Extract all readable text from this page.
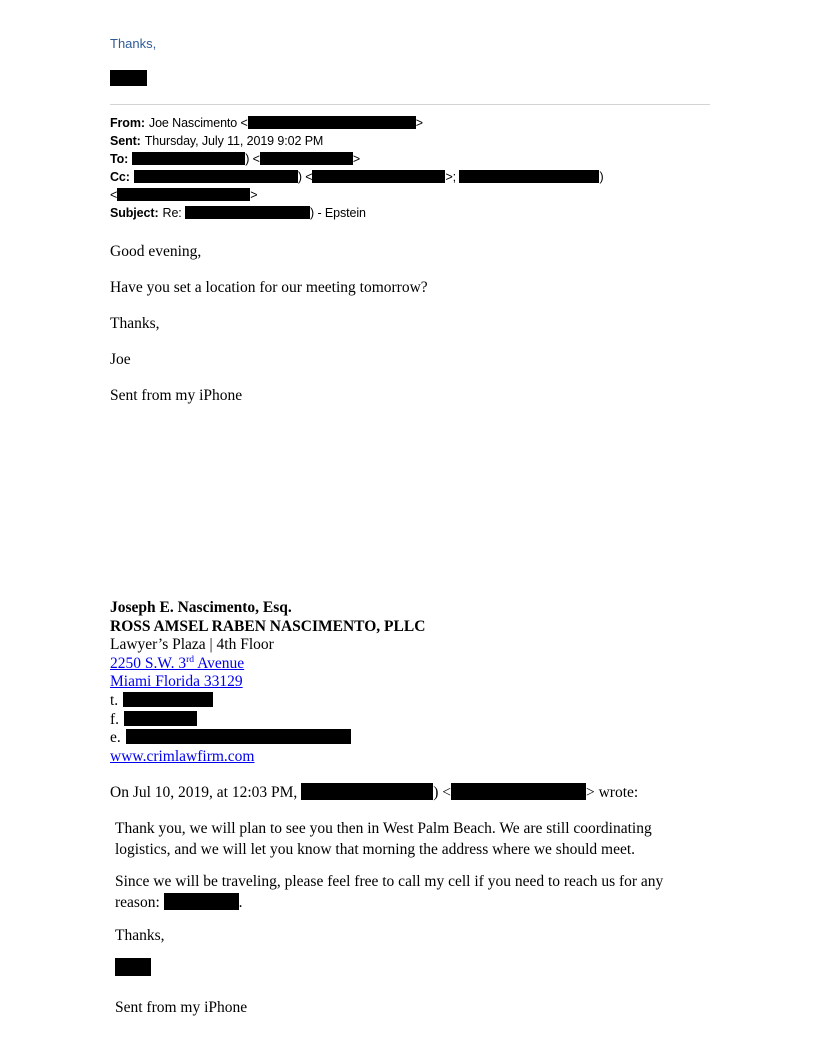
Thanks,
From: Joe Nascimento <	>
Sent: Thursday, July 11, 2019 9:02 PM
To:	) <	>
Cc:	) <	>;	)
<	>
Subject: Re:	) - Epstein

Good evening,

Have you set a location for our meeting tomorrow?

Thanks,

Joe

Sent from my iPhone

Joseph E. Nascimento, Esq.
ROSS AMSEL RABEN NASCIMENTO, PLLC
Lawyer’s Plaza | 4th Floor
2250 S.W. 3rd Avenue
Miami Florida 33129
t.
f.
e.
www.crimlawfirm.com
On Jul 10, 2019, at 12:03 PM,	) <	> wrote:
Thank you, we will plan to see you then in West Palm Beach. We are still coordinating
logistics, and we will let you know that morning the address where we should meet.
Since we will be traveling, please feel free to call my cell if you need to reach us for any
reason:	.
Thanks,
Sent from my iPhone
